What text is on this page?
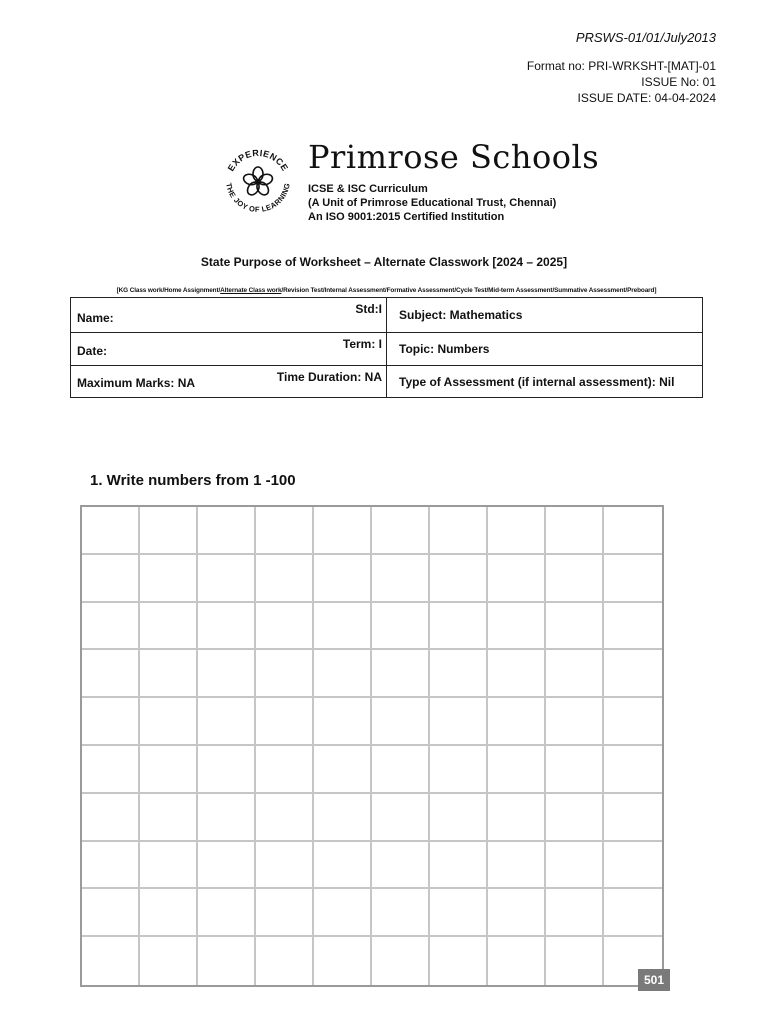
PRSWS-01/01/July2013
Format no: PRI-WRKSHT-[MAT]-01
ISSUE No: 01
ISSUE DATE: 04-04-2024
EXPERIENCE
THE JOY OF LEARNING
Primrose Schools
ICSE & ISC Curriculum
(A Unit of Primrose Educational Trust, Chennai)
An ISO 9001:2015 Certified Institution
State Purpose of Worksheet – Alternate Classwork [2024 – 2025]
[KG Class work/Home Assignment/Alternate Class work/Revision Test/Internal Assessment/Formative Assessment/Cycle Test/Mid-term Assessment/Summative Assessment/Preboard]
Name:
Std:I Subject: Mathematics
Date:	Term: I Topic: Numbers
Maximum Marks: NA	Time Duration: NA Type of Assessment (if internal assessment): Nil
1. Write numbers from 1 -100
501
